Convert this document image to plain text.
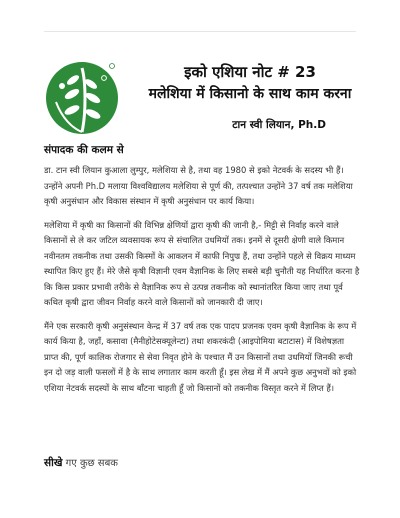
इको एशिया नोट # 23
मलेशिया में किसानो के साथ काम करना
टान स्वी लियान, Ph.D
संपादक की कलम से

डा. टान स्वी लियान कुआला लुम्पुर, मलेशिया से है, तथा वह 1980 से इको नेटवर्क के सदस्य भी हैं। उन्होंने अपनी Ph.D मलाया विश्वविद्यालय मलेशिया से पूर्ण की, तत्पश्चात उन्होंने 37 वर्ष तक मलेशिया कृषी अनुसंधान और विकास संस्थान में कृषी अनुसंधान पर कार्य किया।

मलेशिया में कृषी का किसानों की विभिन्न क्षेणियों द्वारा कृषी की जानी है,- मिट्टी से निर्वाह करने वाले किसानों से ले कर जटिल व्यवसायक रूप से संचालित उधमियों तक। इनमें से दूसरी क्षेणी वाले किमान नवीनतम तकनीक तथा उसकी किस्मों के आकलन में काफी निपुण्र हैं, तथा उन्होंने पहले से विक्रय माध्यम स्थापित किए हुए हैं। मेरे जैसे कृषी विज्ञानी एवम वैज्ञानिक के लिए सबसे बड़ी चुनौती यह निर्धारित करना है कि किस प्रकार प्रभावी तरीके से वैज्ञानिक रूप से उत्पन्न तकनीक को स्थानांतरित किया जाए तथा पूर्व कथित कृषी द्वारा जीवन निर्वाह करने वाले किसानों को जानकारी दी जाए।

मैंने एक सरकारी कृषी अनुसंस्थान केन्द्र में 37 वर्ष तक एक पादप प्रजनक एवम कृषी वैज्ञानिक के रूप में कार्य किया है, जहाँ, कसावा (मैनीहोटेसक्यूलेन्टा) तथा शकरकंदी (आइपोमिया बटाटास) में विशेषज्ञता प्राप्त की, पूर्ण कालिक रोजगार से सेवा निवृत होने के पश्चात मैं उन किसानों तथा उधमियों जिनकी रूची इन दो जड़ वाली फसलों में है के साथ लगातार काम करती हूँ। इस लेख में मैं अपने कुछ अनुभवों को इको एशिया नेटवर्क सदस्यों के साथ बाँटना चाहती हूँ जो किसानों को तकनीक विस्तृत करने में लिप्त हैं।

सीखे गए कुछ सबक
